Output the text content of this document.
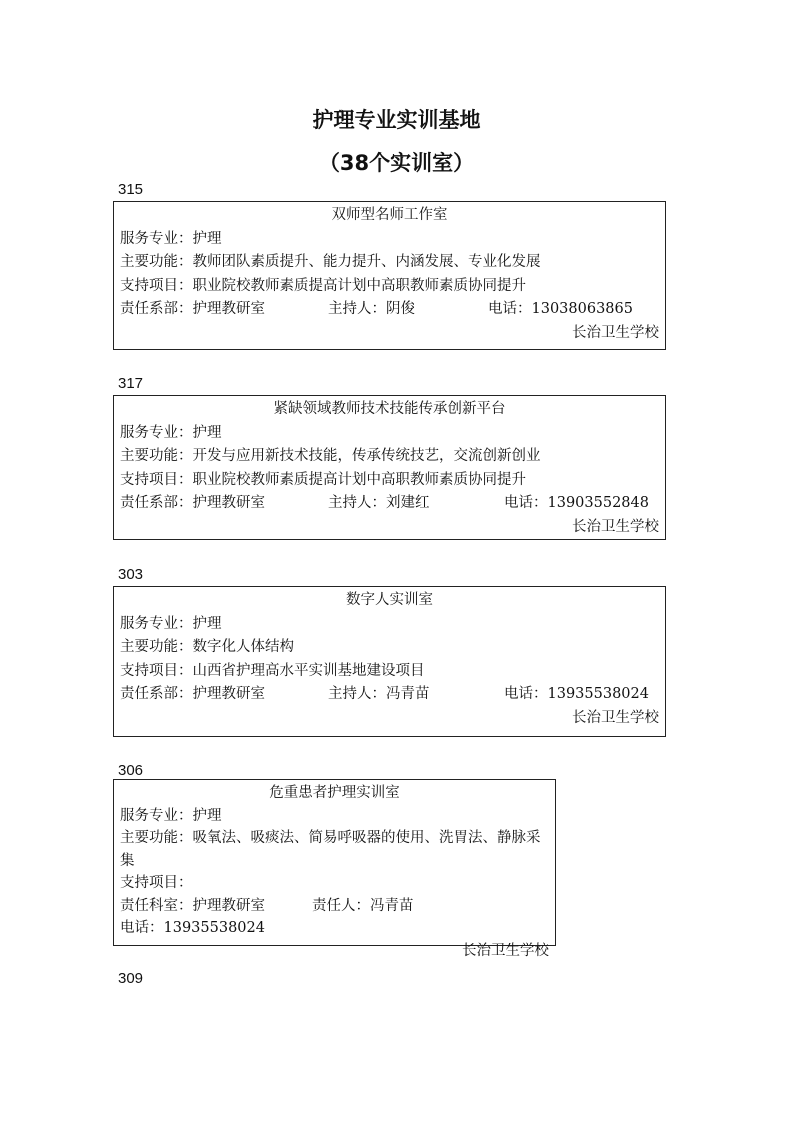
护理专业实训基地
（38个实训室）
315
双师型名师工作室
服务专业：护理
主要功能：教师团队素质提升、能力提升、内涵发展、专业化发展
支持项目：职业院校教师素质提高计划中高职教师素质协同提升
责任系部：护理教研室	主持人：阴俊	电话：13038063865
长治卫生学校
317
紧缺领域教师技术技能传承创新平台
服务专业：护理
主要功能：开发与应用新技术技能，传承传统技艺，交流创新创业
支持项目：职业院校教师素质提高计划中高职教师素质协同提升
责任系部：护理教研室	主持人：刘建红	电话：13903552848
长治卫生学校
303
数字人实训室
服务专业：护理
主要功能：数字化人体结构
支持项目：山西省护理高水平实训基地建设项目
责任系部：护理教研室	主持人：冯青苗	电话：13935538024
长治卫生学校
306
危重患者护理实训室
服务专业：护理
主要功能：吸氧法、吸痰法、简易呼吸器的使用、洗胃法、静脉采集
支持项目：
责任科室：护理教研室	责任人：冯青苗电话：13935538024
长治卫生学校
309
